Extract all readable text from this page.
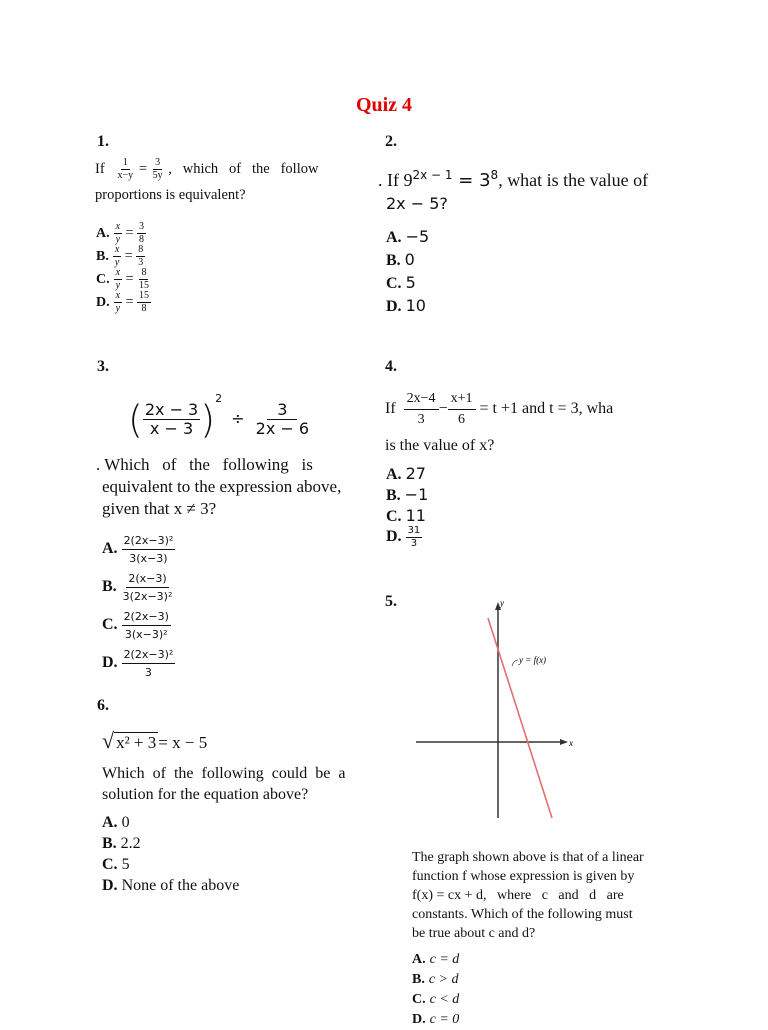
Quiz 4
1.
If $\frac{1}{x-y} = \frac{3}{5y}$ ,   which   of   the   follow
proportions is equivalent?
A. $\frac{x}{y} = \frac{3}{8}$
B. $\frac{x}{y} = \frac{8}{3}$
C. $\frac{x}{y} = \frac{8}{15}$
D. $\frac{x}{y} = \frac{15}{8}$
2.
. If $9^{2x - 1} = 3^8$, what is the value of
2x − 5?
A. −5
B. 0
C. 5
D. 10
3.
( $\frac{2x - 3}{x - 3} )^2 \div \frac{3}{2x - 6}$
. Which   of   the   following   is
equivalent to the expression above,
given that x ≠ 3?
A. $\frac{\text{2(2x−3)²}}{3(x-3)}$
B. $\frac{2(x-3)}{\text{3(2x−3)²}}$
C. $\frac{2(2x-3)}{\text{3(x−3)²}}$
D. $\frac{\text{2(2x−3)²}}{3}$
4.
If $\frac{2x-4}{3} - \frac{x+1}{6} = t +1$ and t = 3, wha
is the value of x?
A. 27
B. −1
C. 11
D. $\frac{31}{3}$
5.	y
x
y = f(x)
The graph shown above is that of a linear
function f whose expression is given by
f(x) = cx + d,   where   c   and   d   are
constants. Which of the following must
be true about c and d?
A. c = d
B. c > d
C. c < d
D. c = 0
6.
√ x² + 3 = x − 5
Which  of  the  following  could  be  a
solution for the equation above?
A. 0
B. 2.2
C. 5
D. None of the above
